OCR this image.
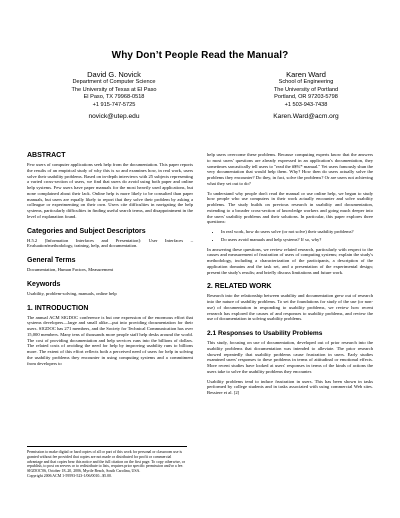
Why Don’t People Read the Manual?
David G. Novick
Department of Computer Science
The University of Texas at El Paso
El Paso, TX 79968-0518
+1 915-747-5725
novick@utep.edu
Karen Ward
School of Engineering
The University of Portland
Portland, OR 97203-5798
+1 503-943-7438
Karen.Ward@acm.org
ABSTRACT

Few users of computer applications seek help from the documentation. This paper reports the results of an empirical study of why this is so and examines how, in real work, users solve their usability problems. Based on in-depth interviews with 25 subjects representing a varied cross-section of users, we find that users do avoid using both paper and online help systems. Few users have paper manuals for the most heavily used applications, but none complained about their lack. Online help is more likely to be consulted than paper manuals, but users are equally likely to report that they solve their problem by asking a colleague or experimenting on their own. Users cite difficulties in navigating the help systems, particularly difficulties in finding useful search terms, and disappointment in the level of explanation found.

Categories and Subject Descriptors

H.5.2 [Information Interfaces and Presentation]: User Interfaces – Evaluation/methodology, training, help, and documentation.

General Terms

Documentation, Human Factors, Measurement

Keywords

Usability, problem-solving, manuals, online help

1. INTRODUCTION

The annual ACM SIGDOC conference is but one expression of the enormous effort that systems developers—large and small alike—put into providing documentation for their users. SIGDOC has 271 members, and the Society for Technical Communication has over 15,000 members. Many tens of thousands more people staff help desks around the world. The cost of providing documentation and help services runs into the billions of dollars. The related costs of avoiding the need for help by improving usability runs to billions more. The extent of this effort reflects both a perceived need of users for help in solving the usability problems they encounter in using computing systems and a commitment from developers to

Permission to make digital or hard copies of all or part of this work for personal or classroom use is granted without fee provided that copies are not made or distributed for profit or commercial advantage and that copies bear this notice and the full citation on the first page. To copy otherwise, or republish, to post on servers or to redistribute to lists, requires prior specific permission and/or a fee.

SIGDOC'06, October 18–20, 2006, Myrtle Beach, South Carolina, USA.

Copyright 2006 ACM 1-59593-523-1/06/0010...$5.00.

help users overcome these problems. Because computing experts know that the answers to most users' questions are already expressed in an application's documentation, they sometimes sarcastically tell users to "read the #$%* manual." Yet users famously shun the very documentation that would help them. Why? How then do users actually solve the problems they encounter? Do they, in fact, solve the problems? Or are users not achieving what they set out to do?

To understand why people don't read the manual or use online help, we began to study how people who use computers in their work actually encounter and solve usability problems. The study builds on previous research in usability and documentation, extending to a broader cross-section of knowledge workers and going much deeper into the users' usability problems and their solutions. In particular, this paper explores three questions:

• In real work, how do users solve (or not solve) their usability problems?
• Do users avoid manuals and help systems? If so, why?

In answering these questions, we review related research, particularly with respect to the causes and measurement of frustration of users of computing systems; explain the study's methodology, including a characterization of the participants, a description of the application domains and the task set, and a presentation of the experimental design; present the study's results; and briefly discuss limitations and future work.

2. RELATED WORK

Research into the relationship between usability and documentation grew out of research into the nature of usability problems. To set the foundations for study of the use (or non-use) of documentation in responding to usability problems, we review how recent research has explored the causes of and responses to usability problems, and review the use of documentation in solving usability problems.

2.1 Responses to Usability Problems

This study, focusing on use of documentation, developed out of prior research into the usability problems that documentation was intended to alleviate. The prior research showed repeatedly that usability problems cause frustration in users. Early studies examined users' responses to these problems in terms of attitudinal or emotional effects. More recent studies have looked at users' responses in terms of the kinds of actions the users take to solve the usability problems they encounter.

Usability problems tend to induce frustration in users. This has been shown in tasks performed by college students and in tasks associated with using commercial Web sites. Bessiere et al. [2]
